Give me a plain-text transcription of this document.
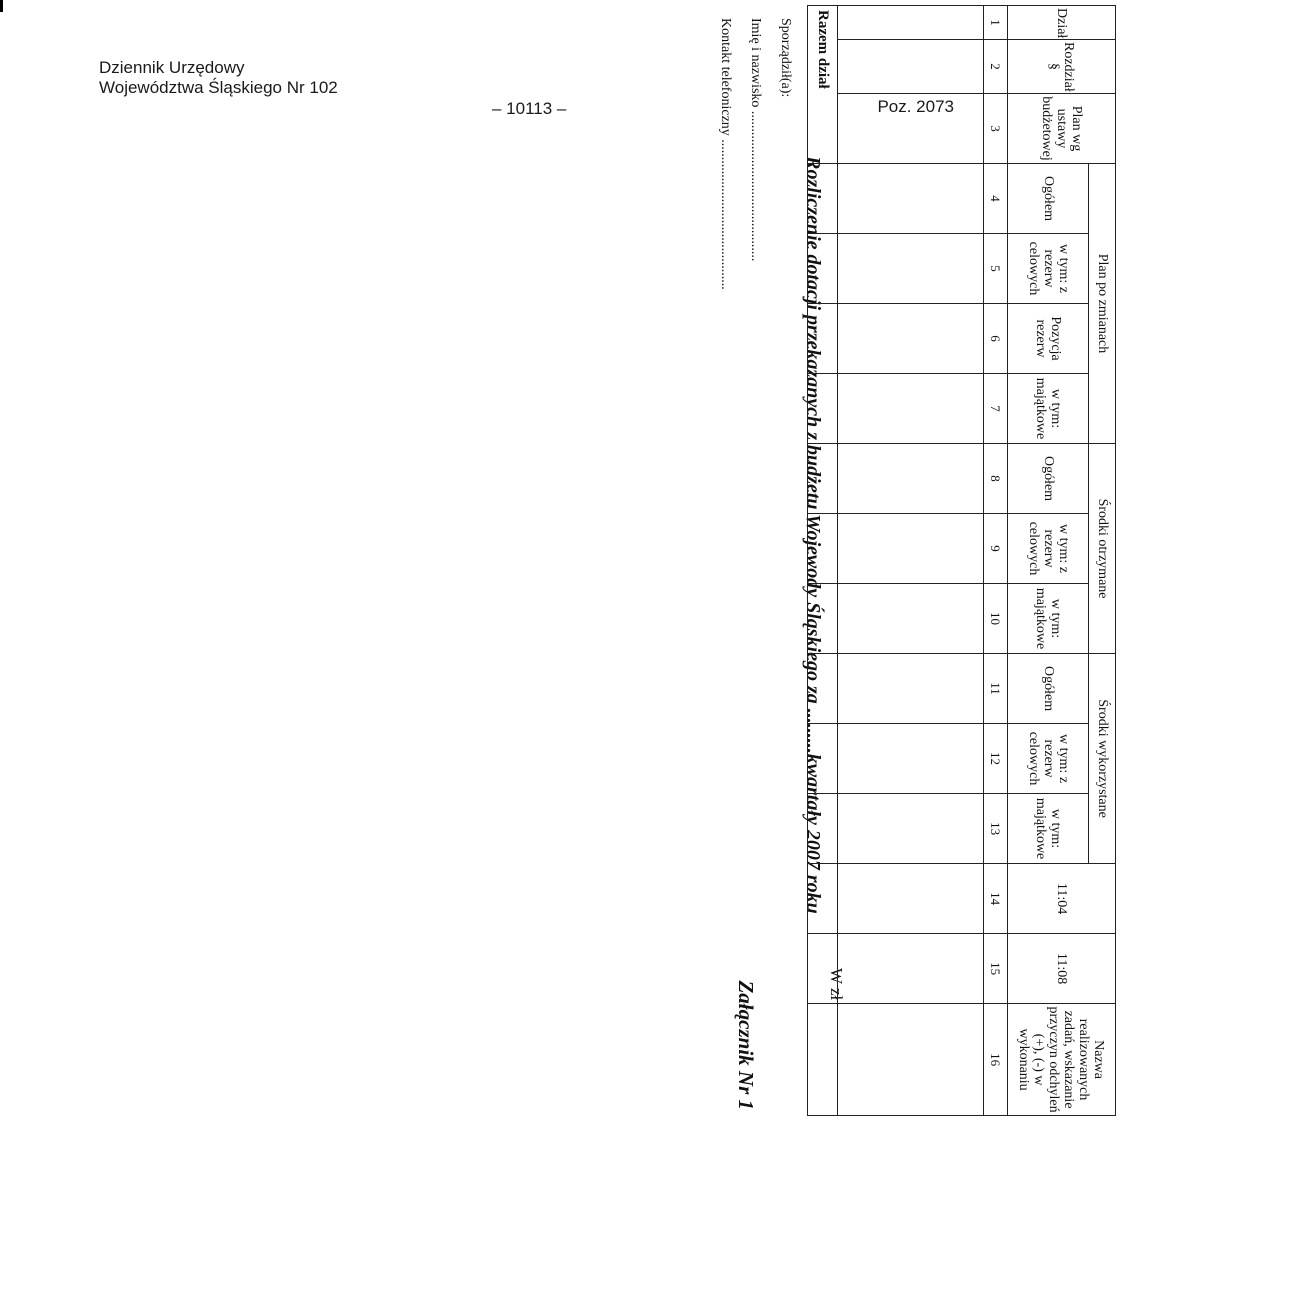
Dziennik Urzędowy
Województwa Śląskiego Nr 102
– 10113 –	Poz. 2073
Załącznik Nr 1
Rozliczenie dotacji przekazanych z budżetu Wojewody Śląskiego za .........kwartały 2007 roku
W zł
Dział	Rozdział §	Plan wg ustawy budżetowej	Plan po zmianach				Środki otrzymane			Środki wykorzystane			11:04	11:08	Nazwa realizowanych zadań, wskazanie przyczyn odchyleń (+), (-) w wykonaniu
			Ogółem	w tym: z rezerw celowych	Pozycja rezerw	w tym: majątkowe	Ogółem	w tym: z rezerw celowych	w tym: majątkowe	Ogółem	w tym: z rezerw celowych	w tym: majątkowe			
1	2	3	4	5	6	7	8	9	10	11	12	13	14	15	16

Razem dział															
Sporządził(a):
Imię i nazwisko ...........................................
Kontakt telefoniczny ...........................................
